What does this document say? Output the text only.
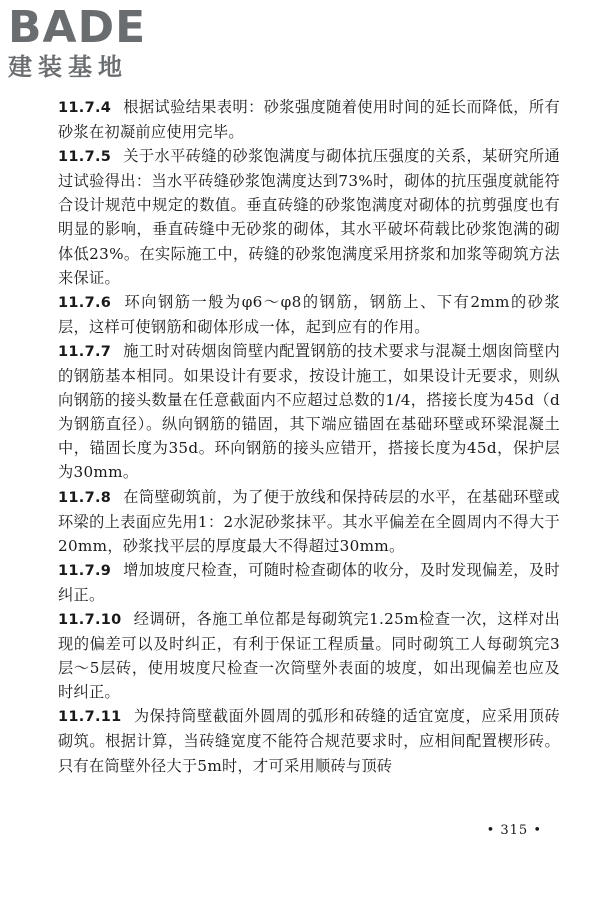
BADE
建装基地

11.7.4 根据试验结果表明：砂浆强度随着使用时间的延长而降低，所有砂浆在初凝前应使用完毕。

11.7.5 关于水平砖缝的砂浆饱满度与砌体抗压强度的关系，某研究所通过试验得出：当水平砖缝砂浆饱满度达到73%时，砌体的抗压强度就能符合设计规范中规定的数值。垂直砖缝的砂浆饱满度对砌体的抗剪强度也有明显的影响，垂直砖缝中无砂浆的砌体，其水平破坏荷载比砂浆饱满的砌体低23%。在实际施工中，砖缝的砂浆饱满度采用挤浆和加浆等砌筑方法来保证。

11.7.6 环向钢筋一般为φ6～φ8的钢筋，钢筋上、下有2mm的砂浆层，这样可使钢筋和砌体形成一体，起到应有的作用。

11.7.7 施工时对砖烟囱筒壁内配置钢筋的技术要求与混凝土烟囱筒壁内的钢筋基本相同。如果设计有要求，按设计施工，如果设计无要求，则纵向钢筋的接头数量在任意截面内不应超过总数的1/4，搭接长度为45d（d为钢筋直径）。纵向钢筋的锚固，其下端应锚固在基础环壁或环梁混凝土中，锚固长度为35d。环向钢筋的接头应错开，搭接长度为45d，保护层为30mm。

11.7.8 在筒壁砌筑前，为了便于放线和保持砖层的水平，在基础环壁或环梁的上表面应先用1：2水泥砂浆抹平。其水平偏差在全圆周内不得大于20mm，砂浆找平层的厚度最大不得超过30mm。

11.7.9 增加坡度尺检查，可随时检查砌体的收分，及时发现偏差，及时纠正。

11.7.10 经调研，各施工单位都是每砌筑完1.25m检查一次，这样对出现的偏差可以及时纠正，有利于保证工程质量。同时砌筑工人每砌筑完3层～5层砖，使用坡度尺检查一次筒壁外表面的坡度，如出现偏差也应及时纠正。

11.7.11 为保持筒壁截面外圆周的弧形和砖缝的适宜宽度，应采用顶砖砌筑。根据计算，当砖缝宽度不能符合规范要求时，应相间配置楔形砖。只有在筒壁外径大于5m时，才可采用顺砖与顶砖

• 315 •
